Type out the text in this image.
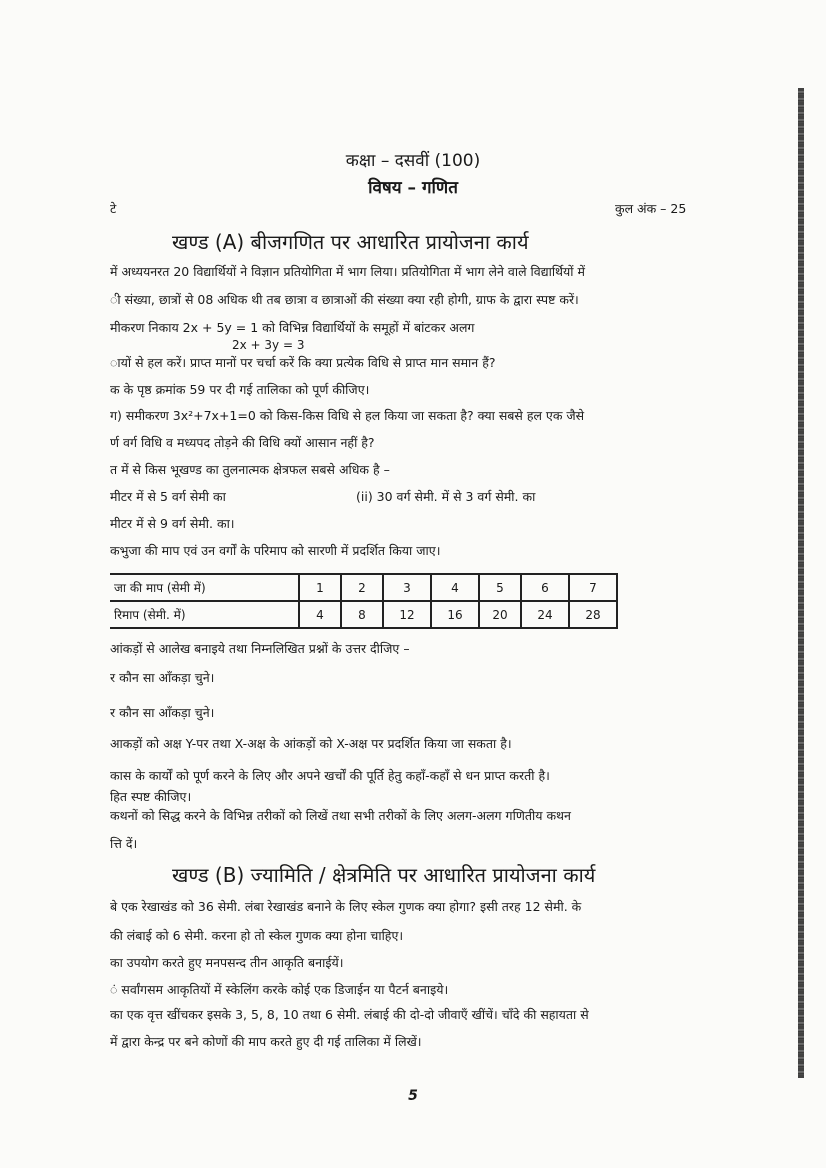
कक्षा – दसवीं (100)
विषय – गणित
टे	कुल अंक – 25
खण्ड (A) बीजगणित पर आधारित प्रायोजना कार्य
में अध्ययनरत 20 विद्यार्थियों ने विज्ञान प्रतियोगिता में भाग लिया। प्रतियोगिता में भाग लेने वाले विद्यार्थियों में
ी संख्या, छात्रों से 08 अधिक थी तब छात्रा व छात्राओं की संख्या क्या रही होगी, ग्राफ के द्वारा स्पष्ट करें।
मीकरण निकाय 2x + 5y = 1 को विभिन्न विद्यार्थियों के समूहों में बांटकर अलग
2x + 3y = 3
ायों से हल करें। प्राप्त मानों पर चर्चा करें कि क्या प्रत्येक विधि से प्राप्त मान समान हैं?
क के पृष्ठ क्रमांक 59 पर दी गई तालिका को पूर्ण कीजिए।
ग) समीकरण 3x²+7x+1=0 को किस-किस विधि से हल किया जा सकता है? क्या सबसे हल एक जैसे
र्ण वर्ग विधि व मध्यपद तोड़ने की विधि क्यों आसान नहीं है?
त में से किस भूखण्ड का तुलनात्मक क्षेत्रफल सबसे अधिक है –
मीटर में से 5 वर्ग सेमी का	(ii) 30 वर्ग सेमी. में से 3 वर्ग सेमी. का
मीटर में से 9 वर्ग सेमी. का।
कभुजा की माप एवं उन वर्गों के परिमाप को सारणी में प्रदर्शित किया जाए।
जा की माप (सेमी में)	1	2	3	4	5	6	7
रिमाप (सेमी. में)	4	8	12	16	20	24	28
आंकड़ों से आलेख बनाइये तथा निम्नलिखित प्रश्नों के उत्तर दीजिए –
र कौन सा आँकड़ा चुने।
र कौन सा आँकड़ा चुने।
आकड़ों को अक्ष Y-पर तथा X-अक्ष के आंकड़ों को X-अक्ष पर प्रदर्शित किया जा सकता है।
कास के कार्यों को पूर्ण करने के लिए और अपने खर्चों की पूर्ति हेतु कहाँ-कहाँ से धन प्राप्त करती है।
हित स्पष्ट कीजिए।
कथनों को सिद्ध करने के विभिन्न तरीकों को लिखें तथा सभी तरीकों के लिए अलग-अलग गणितीय कथन
त्ति दें।
खण्ड (B) ज्यामिति / क्षेत्रमिति पर आधारित प्रायोजना कार्य
बे एक रेखाखंड को 36 सेमी. लंबा रेखाखंड बनाने के लिए स्केल गुणक क्या होगा? इसी तरह 12 सेमी. के
की लंबाई को 6 सेमी. करना हो तो स्केल गुणक क्या होना चाहिए।
का उपयोग करते हुए मनपसन्द तीन आकृति बनाईयें।
ं सर्वांगसम आकृतियों में स्केलिंग करके कोई एक डिजाईन या पैटर्न बनाइये।
का एक वृत्त खींचकर इसके 3, 5, 8, 10 तथा 6 सेमी. लंबाई की दो-दो जीवाएँ खींचें। चाँदे की सहायता से
में द्वारा केन्द्र पर बने कोणों की माप करते हुए दी गई तालिका में लिखें।
5
